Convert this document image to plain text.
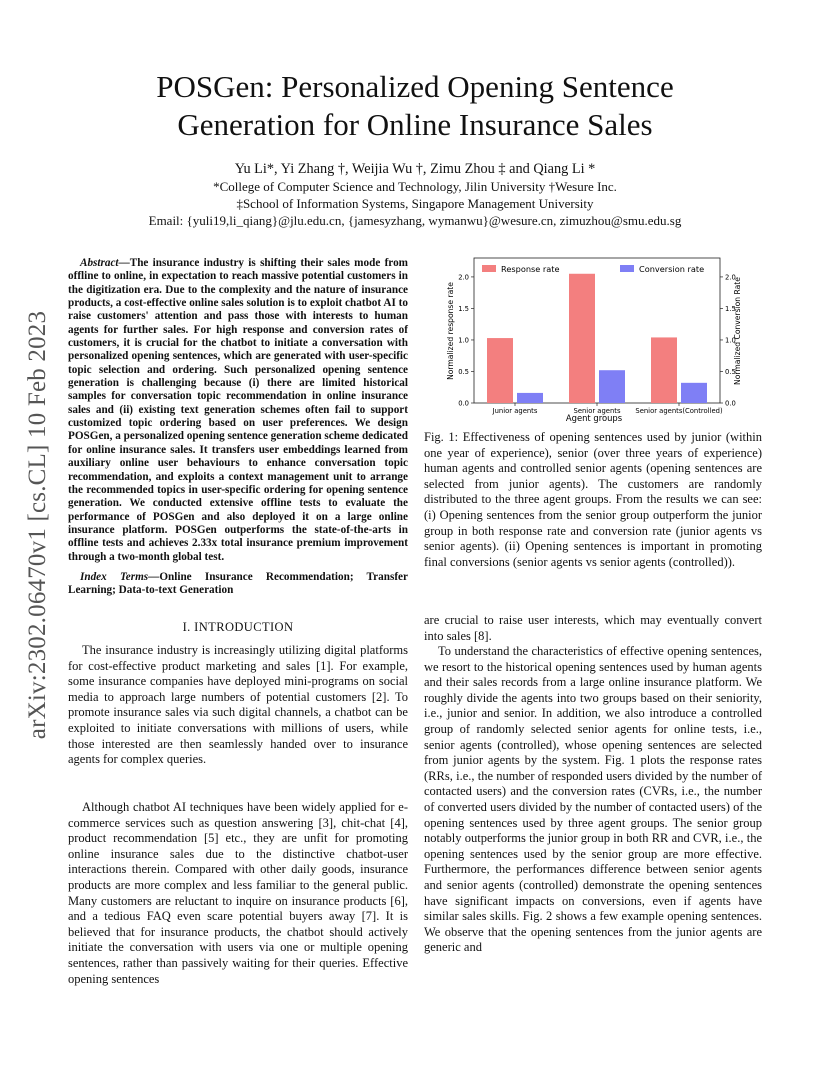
arXiv:2302.06470v1 [cs.CL] 10 Feb 2023
POSGen: Personalized Opening Sentence
Generation for Online Insurance Sales
Yu Li*, Yi Zhang †, Weijia Wu †, Zimu Zhou ‡ and Qiang Li *
*College of Computer Science and Technology, Jilin University †Wesure Inc.
‡School of Information Systems, Singapore Management University
Email: {yuli19,li_qiang}@jlu.edu.cn, {jamesyzhang, wymanwu}@wesure.cn, zimuzhou@smu.edu.sg
Abstract—The insurance industry is shifting their sales mode from offline to online, in expectation to reach massive potential customers in the digitization era. Due to the complexity and the nature of insurance products, a cost-effective online sales solution is to exploit chatbot AI to raise customers' attention and pass those with interests to human agents for further sales. For high response and conversion rates of customers, it is crucial for the chatbot to initiate a conversation with personalized opening sentences, which are generated with user-specific topic selection and ordering. Such personalized opening sentence generation is challenging because (i) there are limited historical samples for conversation topic recommendation in online insurance sales and (ii) existing text generation schemes often fail to support customized topic ordering based on user preferences. We design POSGen, a personalized opening sentence generation scheme dedicated for online insurance sales. It transfers user embeddings learned from auxiliary online user behaviours to enhance conversation topic recommendation, and exploits a context management unit to arrange the recommended topics in user-specific ordering for opening sentence generation. We conducted extensive offline tests to evaluate the performance of POSGen and also deployed it on a large online insurance platform. POSGen outperforms the state-of-the-arts in offline tests and achieves 2.33x total insurance premium improvement through a two-month global test.
Index Terms—Online Insurance Recommendation; Transfer Learning; Data-to-text Generation
I. INTRODUCTION
The insurance industry is increasingly utilizing digital platforms for cost-effective product marketing and sales [1]. For example, some insurance companies have deployed mini-programs on social media to approach large numbers of potential customers [2]. To promote insurance sales via such digital channels, a chatbot can be exploited to initiate conversations with millions of users, while those interested are then seamlessly handed over to insurance agents for complex queries.
Although chatbot AI techniques have been widely applied for e-commerce services such as question answering [3], chit-chat [4], product recommendation [5] etc., they are unfit for promoting online insurance sales due to the distinctive chatbot-user interactions therein. Compared with other daily goods, insurance products are more complex and less familiar to the general public. Many customers are reluctant to inquire on insurance products [6], and a tedious FAQ even scare potential buyers away [7]. It is believed that for insurance products, the chatbot should actively initiate the conversation with users via one or multiple opening sentences, rather than passively waiting for their queries. Effective opening sentences
Junior agents	Senior agents Senior agents(Controlled)
0.0	0.0
0.5	0.5
1.0	1.0
1.5	1.5
2.0	2.0
Response rate	Conversion rate
Agent groups
Normalized response rate	Normalized Conversion Rate
Fig. 1: Effectiveness of opening sentences used by junior (within one year of experience), senior (over three years of experience) human agents and controlled senior agents (opening sentences are selected from junior agents). The customers are randomly distributed to the three agent groups. From the results we can see: (i) Opening sentences from the senior group outperform the junior group in both response rate and conversion rate (junior agents vs senior agents). (ii) Opening sentences is important in promoting final conversions (senior agents vs senior agents (controlled)).
are crucial to raise user interests, which may eventually convert into sales [8].
To understand the characteristics of effective opening sentences, we resort to the historical opening sentences used by human agents and their sales records from a large online insurance platform. We roughly divide the agents into two groups based on their seniority, i.e., junior and senior. In addition, we also introduce a controlled group of randomly selected senior agents for online tests, i.e., senior agents (controlled), whose opening sentences are selected from junior agents by the system. Fig. 1 plots the response rates (RRs, i.e., the number of responded users divided by the number of contacted users) and the conversion rates (CVRs, i.e., the number of converted users divided by the number of contacted users) of the opening sentences used by three agent groups. The senior group notably outperforms the junior group in both RR and CVR, i.e., the opening sentences used by the senior group are more effective. Furthermore, the performances difference between senior agents and senior agents (controlled) demonstrate the opening sentences have significant impacts on conversions, even if agents have similar sales skills. Fig. 2 shows a few example opening sentences. We observe that the opening sentences from the junior agents are generic and
